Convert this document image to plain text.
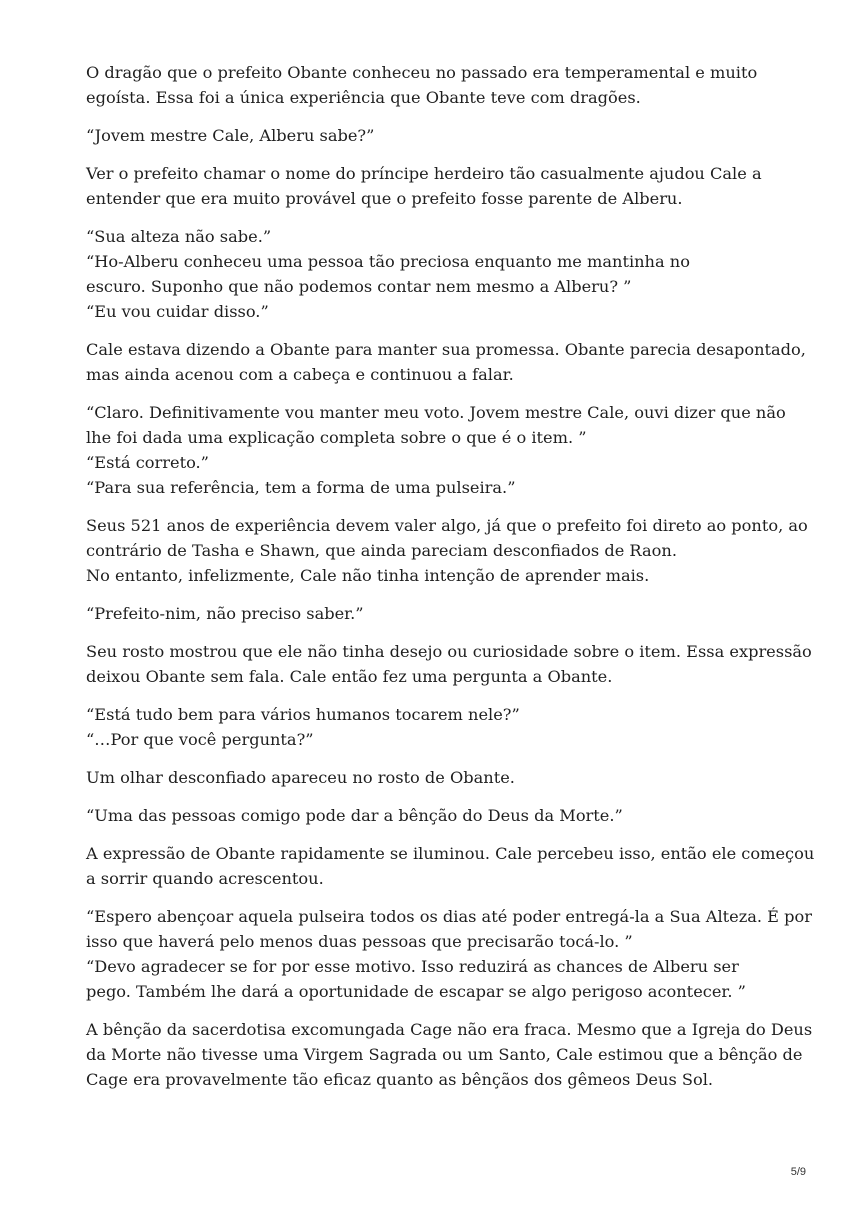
O dragão que o prefeito Obante conheceu no passado era temperamental e muito
egoísta. Essa foi a única experiência que Obante teve com dragões.

“Jovem mestre Cale, Alberu sabe?”

Ver o prefeito chamar o nome do príncipe herdeiro tão casualmente ajudou Cale a
entender que era muito provável que o prefeito fosse parente de Alberu.

“Sua alteza não sabe.”
“Ho-Alberu conheceu uma pessoa tão preciosa enquanto me mantinha no
escuro. Suponho que não podemos contar nem mesmo a Alberu? ”
“Eu vou cuidar disso.”

Cale estava dizendo a Obante para manter sua promessa. Obante parecia desapontado,
mas ainda acenou com a cabeça e continuou a falar.

“Claro. Definitivamente vou manter meu voto. Jovem mestre Cale, ouvi dizer que não
lhe foi dada uma explicação completa sobre o que é o item. ”
“Está correto.”
“Para sua referência, tem a forma de uma pulseira.”

Seus 521 anos de experiência devem valer algo, já que o prefeito foi direto ao ponto, ao
contrário de Tasha e Shawn, que ainda pareciam desconfiados de Raon.
No entanto, infelizmente, Cale não tinha intenção de aprender mais.

“Prefeito-nim, não preciso saber.”

Seu rosto mostrou que ele não tinha desejo ou curiosidade sobre o item. Essa expressão
deixou Obante sem fala. Cale então fez uma pergunta a Obante.

“Está tudo bem para vários humanos tocarem nele?”
“…Por que você pergunta?”

Um olhar desconfiado apareceu no rosto de Obante.

“Uma das pessoas comigo pode dar a bênção do Deus da Morte.”

A expressão de Obante rapidamente se iluminou. Cale percebeu isso, então ele começou
a sorrir quando acrescentou.

“Espero abençoar aquela pulseira todos os dias até poder entregá-la a Sua Alteza. É por
isso que haverá pelo menos duas pessoas que precisarão tocá-lo. ”
“Devo agradecer se for por esse motivo. Isso reduzirá as chances de Alberu ser
pego. Também lhe dará a oportunidade de escapar se algo perigoso acontecer. ”

A bênção da sacerdotisa excomungada Cage não era fraca. Mesmo que a Igreja do Deus
da Morte não tivesse uma Virgem Sagrada ou um Santo, Cale estimou que a bênção de
Cage era provavelmente tão eficaz quanto as bênçãos dos gêmeos Deus Sol.

5/9
